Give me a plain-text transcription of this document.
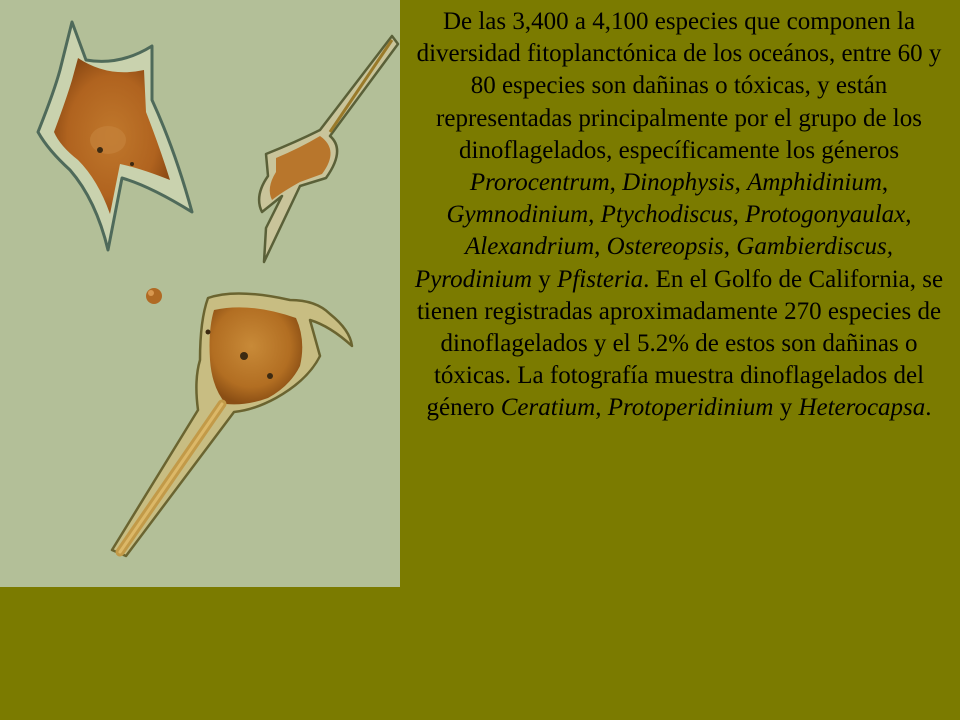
De las 3,400 a 4,100 especies que componen la diversidad fitoplanctónica de los oceános, entre 60 y 80 especies son dañinas o tóxicas, y están representadas principalmente por el grupo de los dinoflagelados, específicamente los géneros Prorocentrum, Dinophysis, Amphidinium, Gymnodinium, Ptychodiscus, Protogonyaulax, Alexandrium, Ostereopsis, Gambierdiscus, Pyrodinium y Pfisteria. En el Golfo de California, se tienen registradas aproximadamente 270 especies de dinoflagelados y el 5.2% de estos son dañinas o tóxicas. La fotografía muestra dinoflagelados del género Ceratium, Protoperidinium y Heterocapsa.
